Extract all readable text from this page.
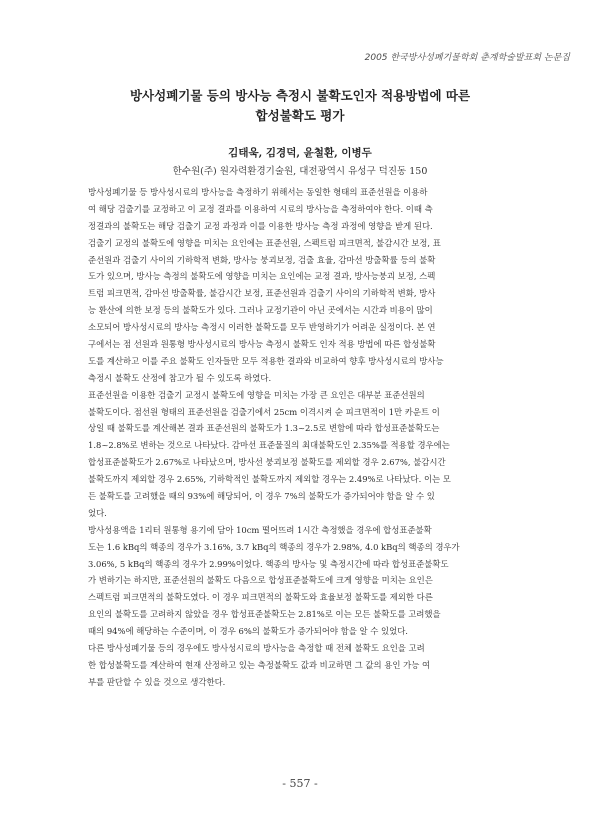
2005 한국방사성폐기물학회 춘계학술발표회 논문집
방사성폐기물 등의 방사능 측정시 불확도인자 적용방법에 따른
합성불확도 평가
김태욱, 김경덕, 윤철환, 이병두
한수원(주) 원자력환경기술원, 대전광역시 유성구 덕진동 150
방사성폐기물 등 방사성시료의 방사능을 측정하기 위해서는 동일한 형태의 표준선원을 이용하
여 해당 검출기를 교정하고 이 교정 결과를 이용하여 시료의 방사능을 측정하여야 한다. 이때 측
정결과의 불확도는 해당 검출기 교정 과정과 이를 이용한 방사능 측정 과정에 영향을 받게 된다.
검출기 교정의 불확도에 영향을 미치는 요인에는 표준선원, 스펙트럼 피크면적, 불감시간 보정, 표
준선원과 검출기 사이의 기하학적 변화, 방사능 붕괴보정, 검출 효율, 감마선 방출확률 등의 불확
도가 있으며, 방사능 측정의 불확도에 영향을 미치는 요인에는 교정 결과, 방사능붕괴 보정, 스펙
트럼 피크면적, 감마선 방출확률, 불감시간 보정, 표준선원과 검출기 사이의 기하학적 변화, 방사
능 환산에 의한 보정 등의 불확도가 있다. 그러나 교정기관이 아닌 곳에서는 시간과 비용이 많이
소모되어 방사성시료의 방사능 측정시 이러한 불확도를 모두 반영하기가 어려운 실정이다. 본 연
구에서는 점 선원과 원통형 방사성시료의 방사능 측정시 불확도 인자 적용 방법에 따른 합성불확
도를 계산하고 이를 주요 불확도 인자들만 모두 적용한 결과와 비교하여 향후 방사성시료의 방사능
측정시 불확도 산정에 참고가 될 수 있도록 하였다.
표준선원을 이용한 검출기 교정시 불확도에 영향을 미치는 가장 큰 요인은 대부분 표준선원의
불확도이다. 점선원 형태의 표준선원을 검출기에서 25cm 이격시켜 순 피크면적이 1만 카운트 이
상일 때 불확도를 계산해본 결과 표준선원의 불확도가 1.3~2.5로 변함에 따라 합성표준불확도는
1.8~2.8%로 변하는 것으로 나타났다. 감마선 표준물질의 최대불확도인 2.35%를 적용할 경우에는
합성표준불확도가 2.67%로 나타났으며, 방사선 붕괴보정 불확도를 제외할 경우 2.67%, 불감시간
불확도까지 제외할 경우 2.65%, 기하학적인 불확도까지 제외할 경우는 2.49%로 나타났다. 이는 모
든 불확도를 고려했을 때의 93%에 해당되어, 이 경우 7%의 불확도가 증가되어야 함을 알 수 있
었다.
방사성용액을 1리터 원통형 용기에 담아 10cm 떨어뜨려 1시간 측정했을 경우에 합성표준불확
도는 1.6 kBq의 핵종의 경우가 3.16%, 3.7 kBq의 핵종의 경우가 2.98%, 4.0 kBq의 핵종의 경우가
3.06%, 5 kBq의 핵종의 경우가 2.99%이었다. 핵종의 방사능 및 측정시간에 따라 합성표준불확도
가 변하기는 하지만, 표준선원의 불확도 다음으로 합성표준불확도에 크게 영향을 미치는 요인은
스펙트럼 피크면적의 불확도였다. 이 경우 피크면적의 불확도와 효율보정 불확도를 제외한 다른
요인의 불확도를 고려하지 않았을 경우 합성표준불확도는 2.81%로 이는 모든 불확도를 고려했을
때의 94%에 해당하는 수준이며, 이 경우 6%의 불확도가 증가되어야 함을 알 수 있었다.
다른 방사성폐기물 등의 경우에도 방사성시료의 방사능을 측정할 때 전체 불확도 요인을 고려
한 합성불확도를 계산하여 현재 산정하고 있는 측정불확도 값과 비교하면 그 값의 용인 가능 여
부를 판단할 수 있을 것으로 생각한다.
- 557 -
